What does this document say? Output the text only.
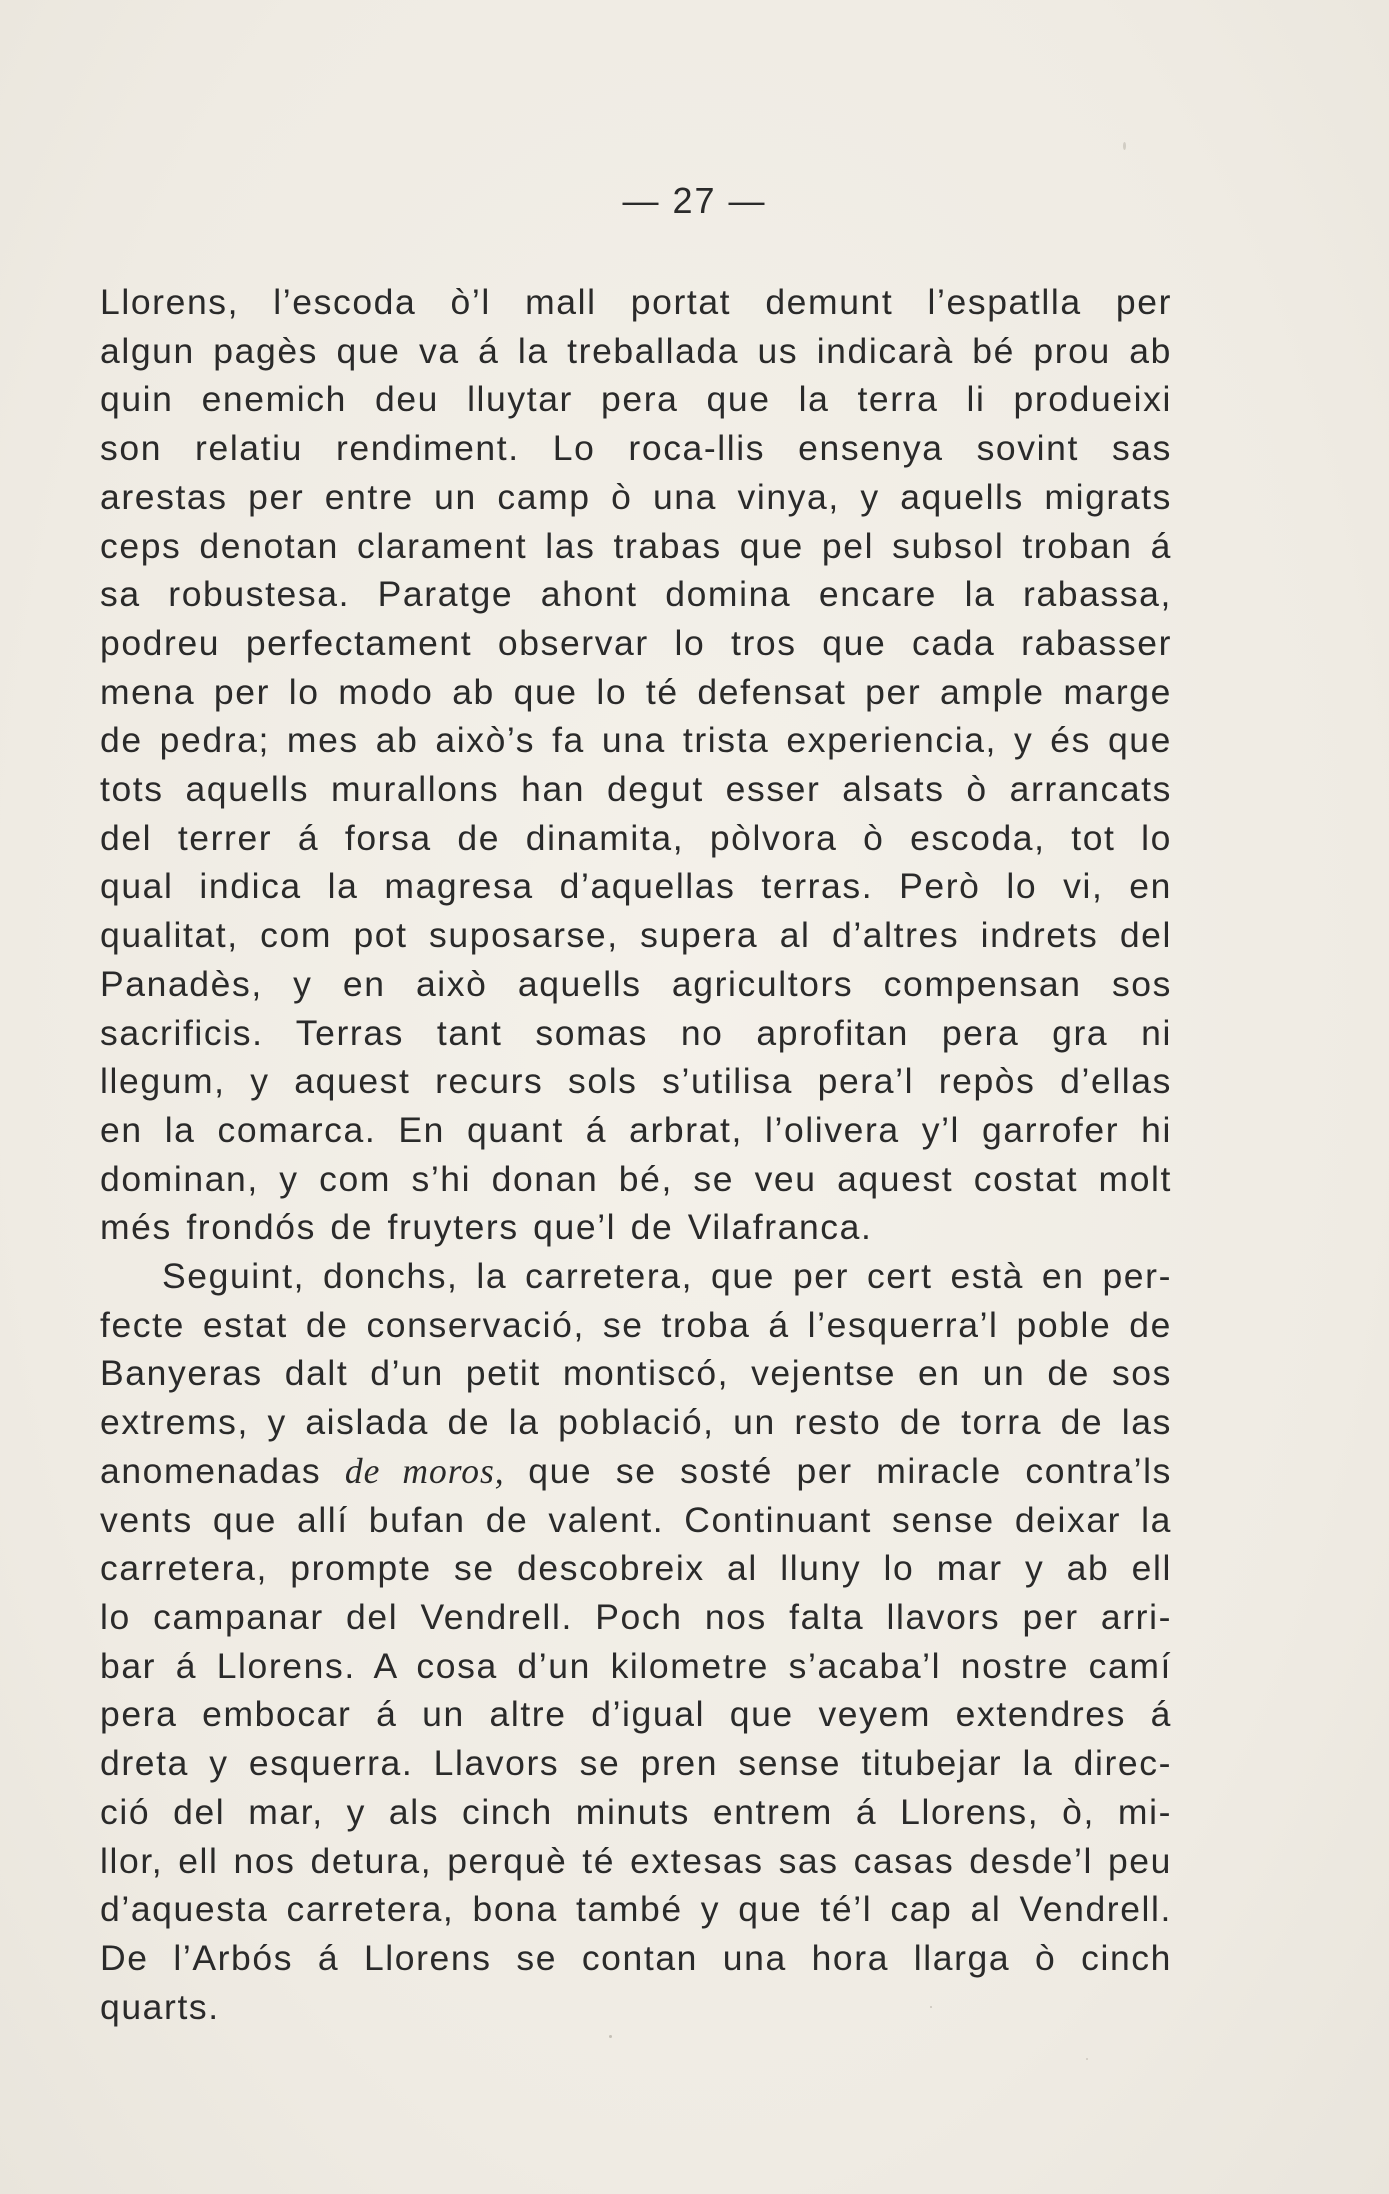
— 27 —
Llorens, l’escoda ò’l mall portat demunt l’espatlla per
algun pagès que va á la treballada us indicarà bé prou ab
quin enemich deu lluytar pera que la terra li produeixi
son relatiu rendiment. Lo roca-llis ensenya sovint sas
arestas per entre un camp ò una vinya, y aquells migrats
ceps denotan clarament las trabas que pel subsol troban á
sa robustesa. Paratge ahont domina encare la rabassa,
podreu perfectament observar lo tros que cada rabasser
mena per lo modo ab que lo té defensat per ample marge
de pedra; mes ab això’s fa una trista experiencia, y és que
tots aquells murallons han degut esser alsats ò arrancats
del terrer á forsa de dinamita, pòlvora ò escoda, tot lo
qual indica la magresa d’aquellas terras. Però lo vi, en
qualitat, com pot suposarse, supera al d’altres indrets del
Panadès, y en això aquells agricultors compensan sos
sacrificis. Terras tant somas no aprofitan pera gra ni
llegum, y aquest recurs sols s’utilisa pera’l repòs d’ellas
en la comarca. En quant á arbrat, l’olivera y’l garrofer hi
dominan, y com s’hi donan bé, se veu aquest costat molt
més frondós de fruyters que’l de Vilafranca.
Seguint, donchs, la carretera, que per cert està en per-
fecte estat de conservació, se troba á l’esquerra’l poble de
Banyeras dalt d’un petit montiscó, vejentse en un de sos
extrems, y aislada de la població, un resto de torra de las
anomenadas de moros, que se sosté per miracle contra’ls
vents que allí bufan de valent. Continuant sense deixar la
carretera, prompte se descobreix al lluny lo mar y ab ell
lo campanar del Vendrell. Poch nos falta llavors per arri-
bar á Llorens. A cosa d’un kilometre s’acaba’l nostre camí
pera embocar á un altre d’igual que veyem extendres á
dreta y esquerra. Llavors se pren sense titubejar la direc-
ció del mar, y als cinch minuts entrem á Llorens, ò, mi-
llor, ell nos detura, perquè té extesas sas casas desde’l peu
d’aquesta carretera, bona també y que té’l cap al Vendrell.
De l’Arbós á Llorens se contan una hora llarga ò cinch
quarts.
